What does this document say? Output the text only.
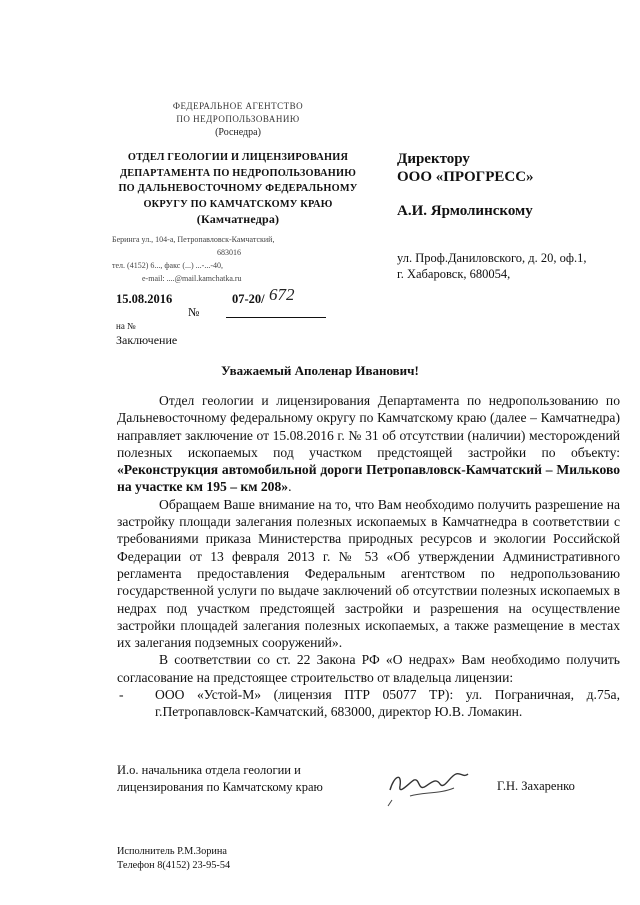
ФЕДЕРАЛЬНОЕ АГЕНТСТВО
ПО НЕДРОПОЛЬЗОВАНИЮ
(Роснедра)
ОТДЕЛ ГЕОЛОГИИ И ЛИЦЕНЗИРОВАНИЯ
ДЕПАРТАМЕНТА ПО НЕДРОПОЛЬЗОВАНИЮ
ПО ДАЛЬНЕВОСТОЧНОМУ ФЕДЕРАЛЬНОМУ
ОКРУГУ ПО КАМЧАТСКОМУ КРАЮ
(Камчатнедра)
Беринга ул., 104-а, Петропавловск-Камчатский,
683016
тел. (4152) 6..., факс (...) ...-...-40,
e-mail: ....@mail.kamchatka.ru
15.08.2016	07-20/ 672
№
на №
Заключение
Директору
ООО «ПРОГРЕСС»
А.И. Ярмолинскому
ул. Проф.Даниловского, д. 20, оф.1,
г. Хабаровск, 680054,
Уважаемый Аполенар Иванович!

Отдел геологии и лицензирования Департамента по недропользованию по Дальневосточному федеральному округу по Камчатскому краю (далее – Камчатнедра) направляет заключение от 15.08.2016 г. № 31 об отсутствии (наличии) месторождений полезных ископаемых под участком предстоящей застройки по объекту: «Реконструкция автомобильной дороги Петропавловск-Камчатский – Мильково на участке км 195 – км 208».

Обращаем Ваше внимание на то, что Вам необходимо получить разрешение на застройку площади залегания полезных ископаемых в Камчатнедра в соответствии с требованиями приказа Министерства природных ресурсов и экологии Российской Федерации от 13 февраля 2013 г. № 53 «Об утверждении Административного регламента предоставления Федеральным агентством по недропользованию государственной услуги по выдаче заключений об отсутствии полезных ископаемых в недрах под участком предстоящей застройки и разрешения на осуществление застройки площадей залегания полезных ископаемых, а также размещение в местах их залегания подземных сооружений».

В соответствии со ст. 22 Закона РФ «О недрах» Вам необходимо получить согласование на предстоящее строительство от владельца лицензии:

- ООО «Устой-М» (лицензия ПТР 05077 ТР): ул. Пограничная, д.75а, г.Петропавловск-Камчатский, 683000, директор Ю.В. Ломакин.
И.о. начальника отдела геологии и
лицензирования по Камчатскому краю	Г.Н. Захаренко
Исполнитель Р.М.Зорина
Телефон 8(4152) 23-95-54
